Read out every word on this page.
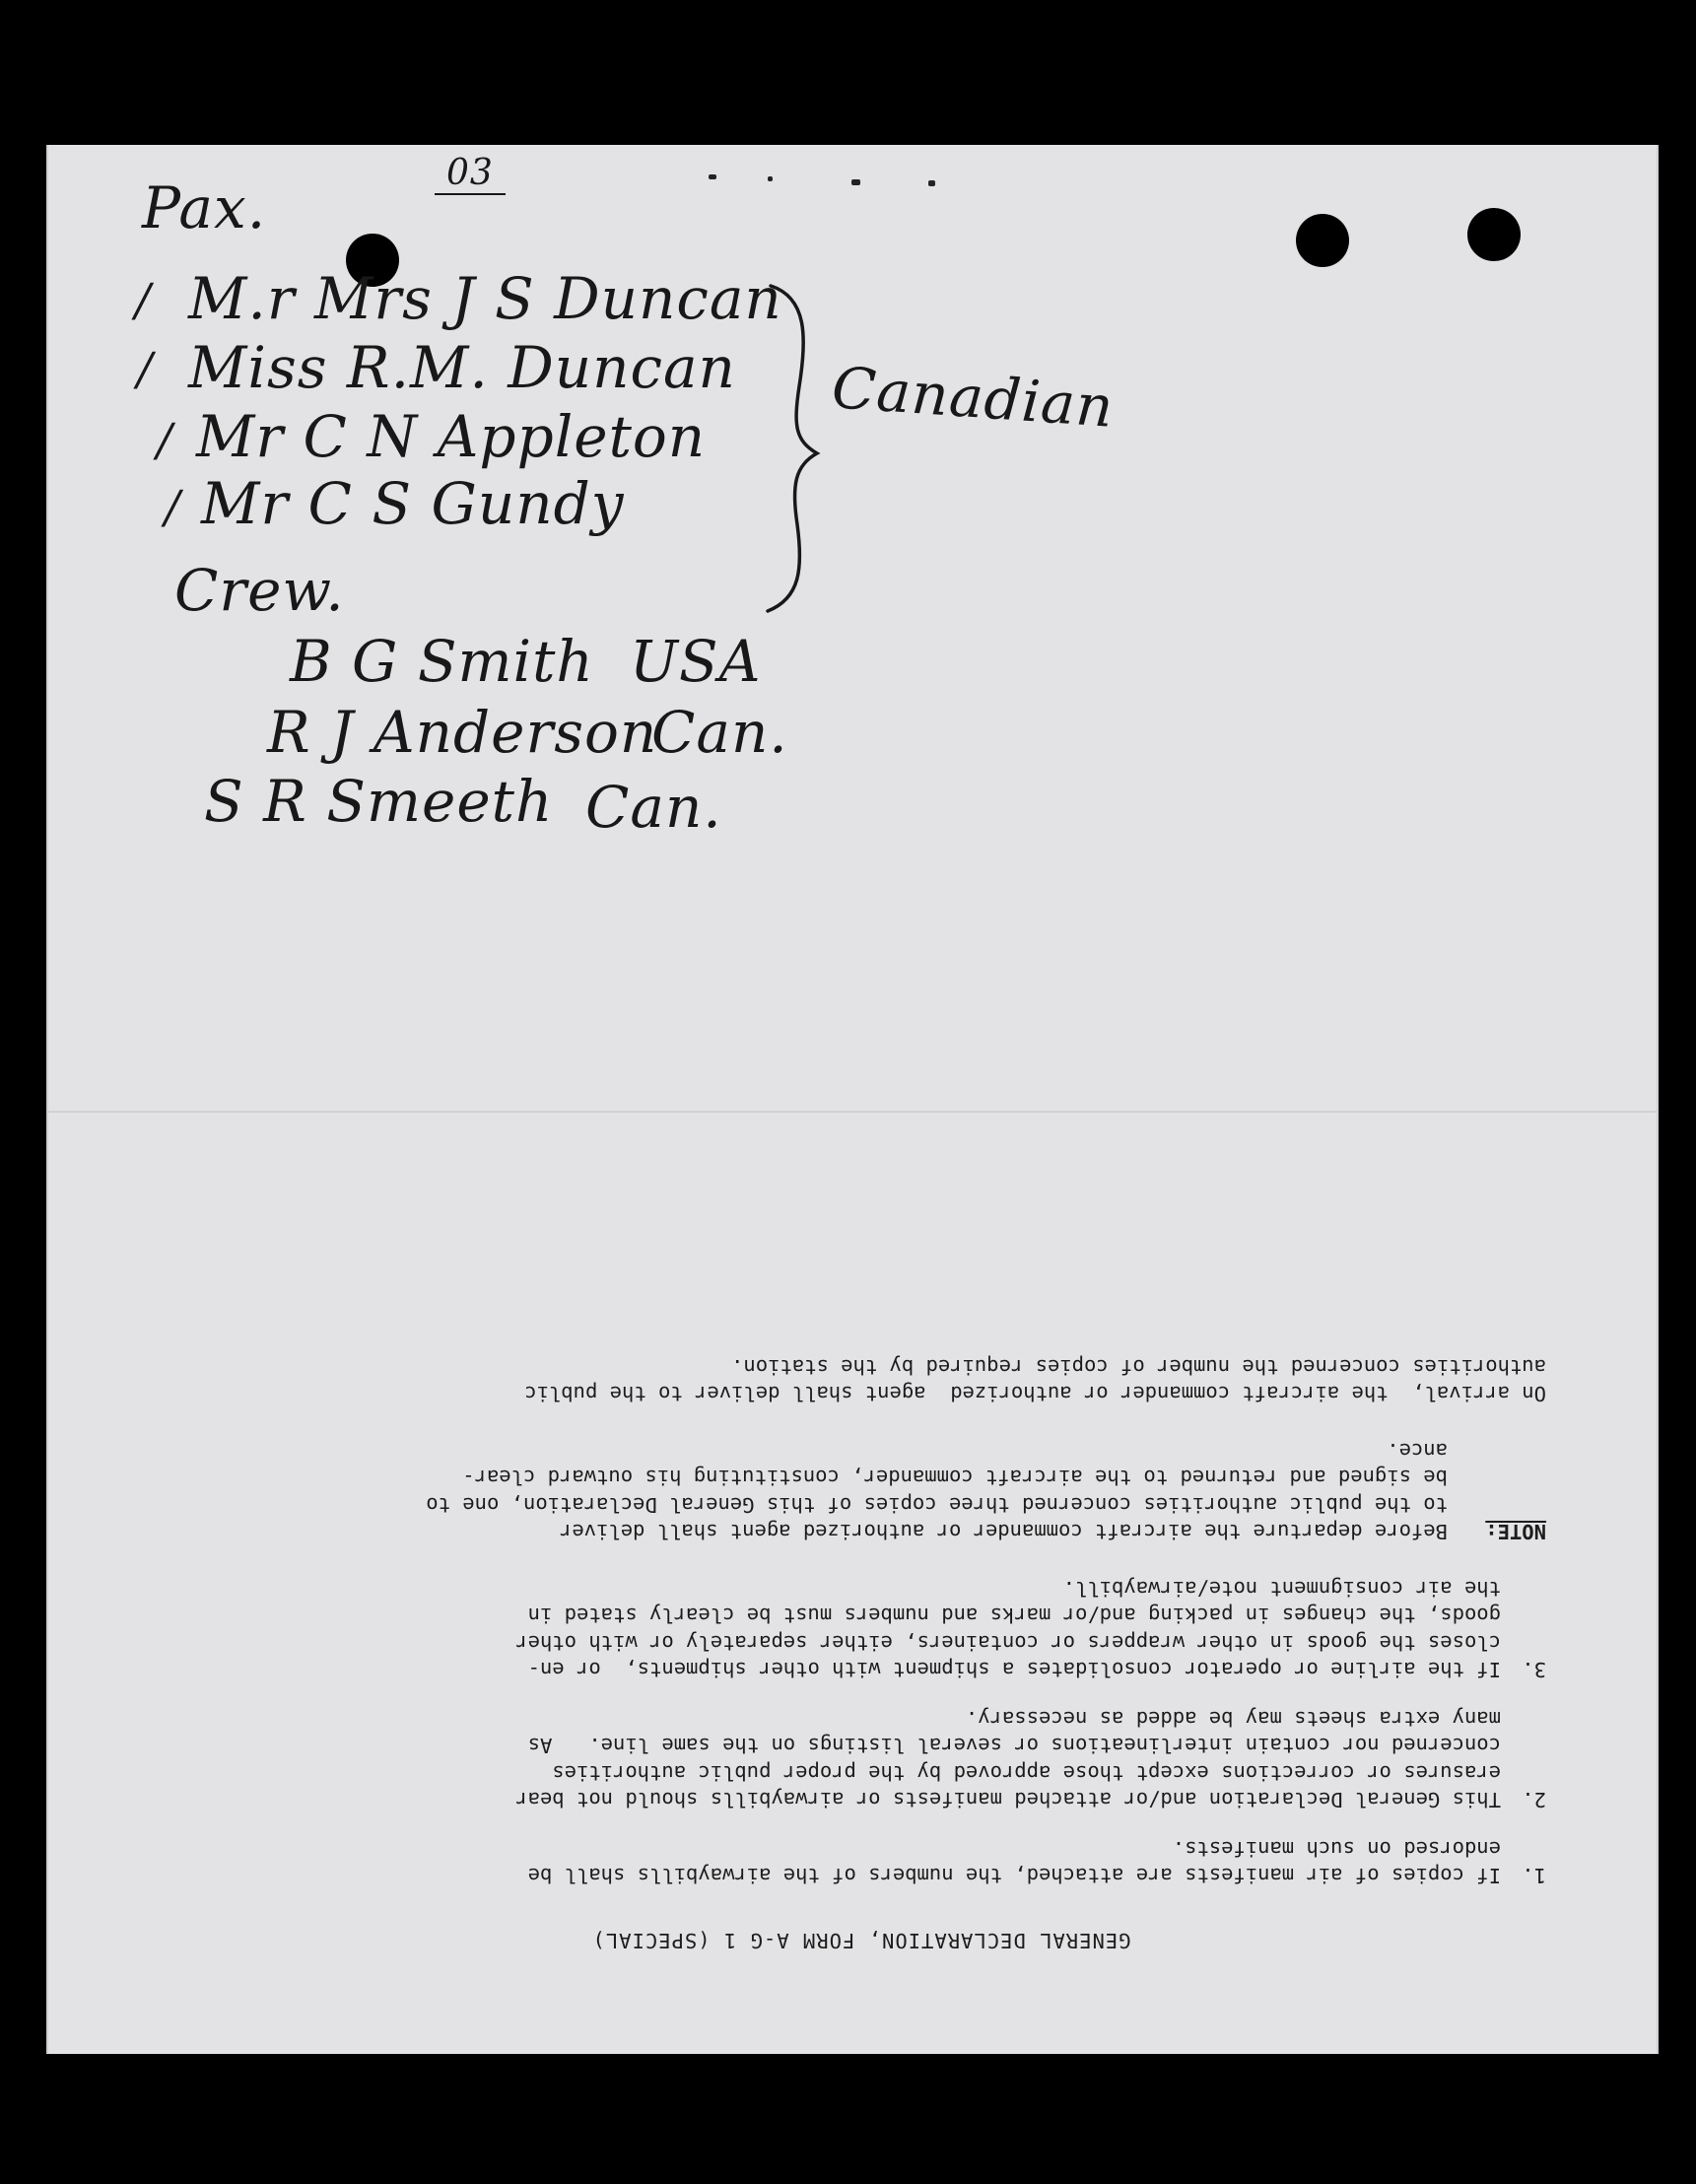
03
Pax.
/ M.r Mrs J S Duncan
/ Miss R.M. Duncan
/ Mr C N Appleton
/ Mr C S Gundy
Canadian
Crew.
B G Smith USA
R J Anderson
Can.
S R Smeeth Can.
GENERAL DECLARATION, FORM A-G 1 (SPECIAL)
1.
If copies of air manifests are attached, the numbers of the airwaybills shall be
endorsed on such manifests.
2.
This General Declaration and/or attached manifests or airwaybills should not bear
erasures or corrections except those approved by the proper public authorities
concerned nor contain interlineations or several listings on the same line.   As
many extra sheets may be added as necessary.
3.
If the airline or operator consolidates a shipment with other shipments,  or en-
closes the goods in other wrappers or containers, either separately or with other
goods, the changes in packing and/or marks and numbers must be clearly stated in
the air consignment note/airwaybill.
NOTE:
Before departure the aircraft commander or authorized agent shall deliver
to the public authorities concerned three copies of this General Declaration, one to
be signed and returned to the aircraft commander, constituting his outward clear-
ance.
On arrival,  the aircraft commander or authorized  agent shall deliver to the public
authorities concerned the number of copies required by the station.
